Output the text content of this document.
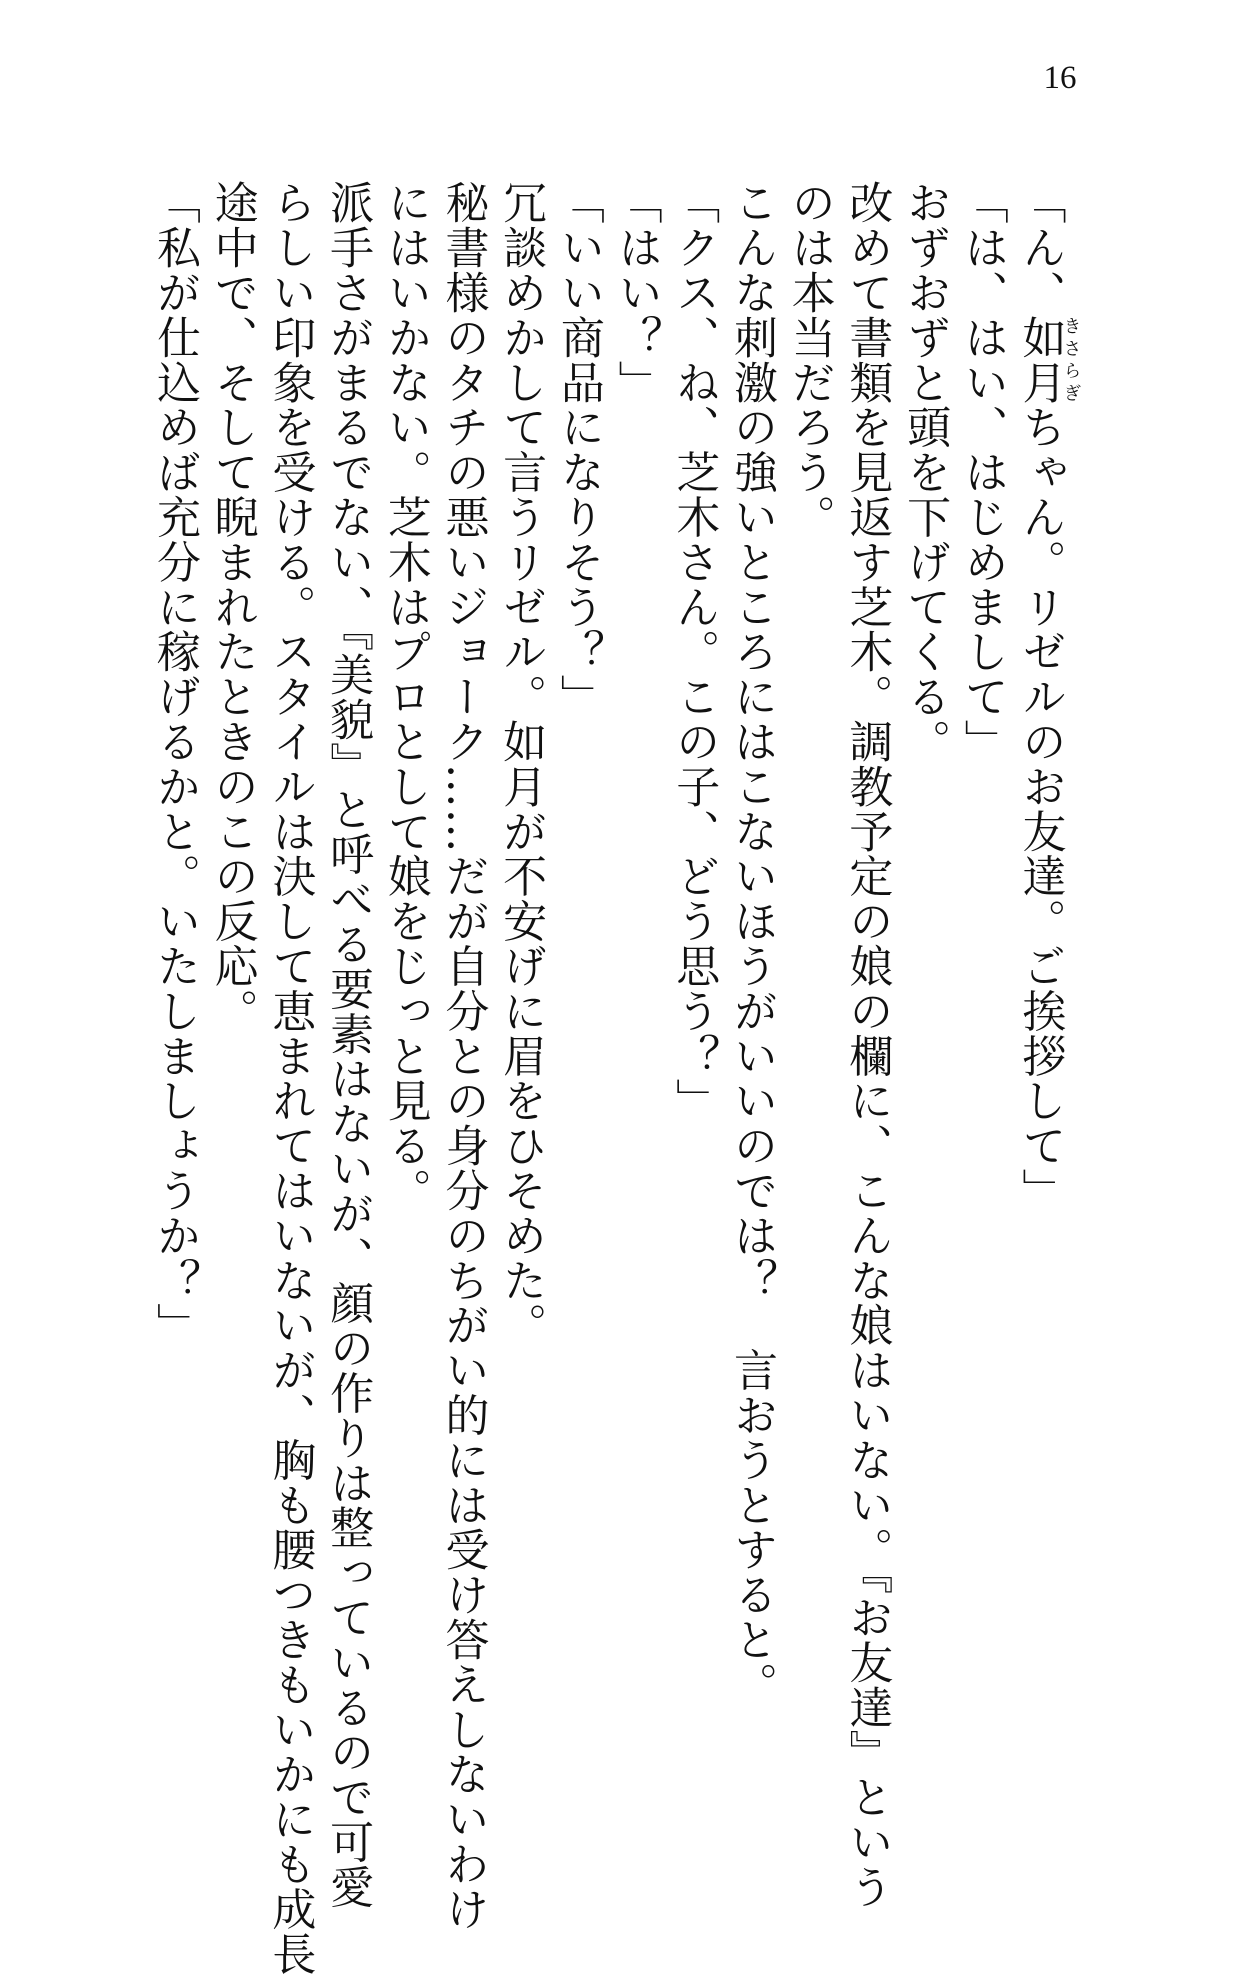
16
「ん、如月きさらぎちゃん。リゼルのお友達。ご挨拶して」
「は、はい、はじめまして」
おずおずと頭を下げてくる。
改めて書類を見返す芝木。調教予定の娘の欄に、こんな娘はいない。『お友達』という
のは本当だろう。
こんな刺激の強いところにはこないほうがいいのでは？　言おうとすると。
「クス、ね、芝木さん。この子、どう思う？」
「はい？」
「いい商品になりそう？」
冗談めかして言うリゼル。如月が不安げに眉をひそめた。
秘書様のタチの悪いジョーク……だが自分との身分のちがい的には受け答えしないわけ
にはいかない。芝木はプロとして娘をじっと見る。
派手さがまるでない、『美貌』と呼べる要素はないが、顔の作りは整っているので可愛
らしい印象を受ける。スタイルは決して恵まれてはいないが、胸も腰つきもいかにも成長
途中で、そして睨まれたときのこの反応。
「私が仕込めば充分に稼げるかと。いたしましょうか？」
